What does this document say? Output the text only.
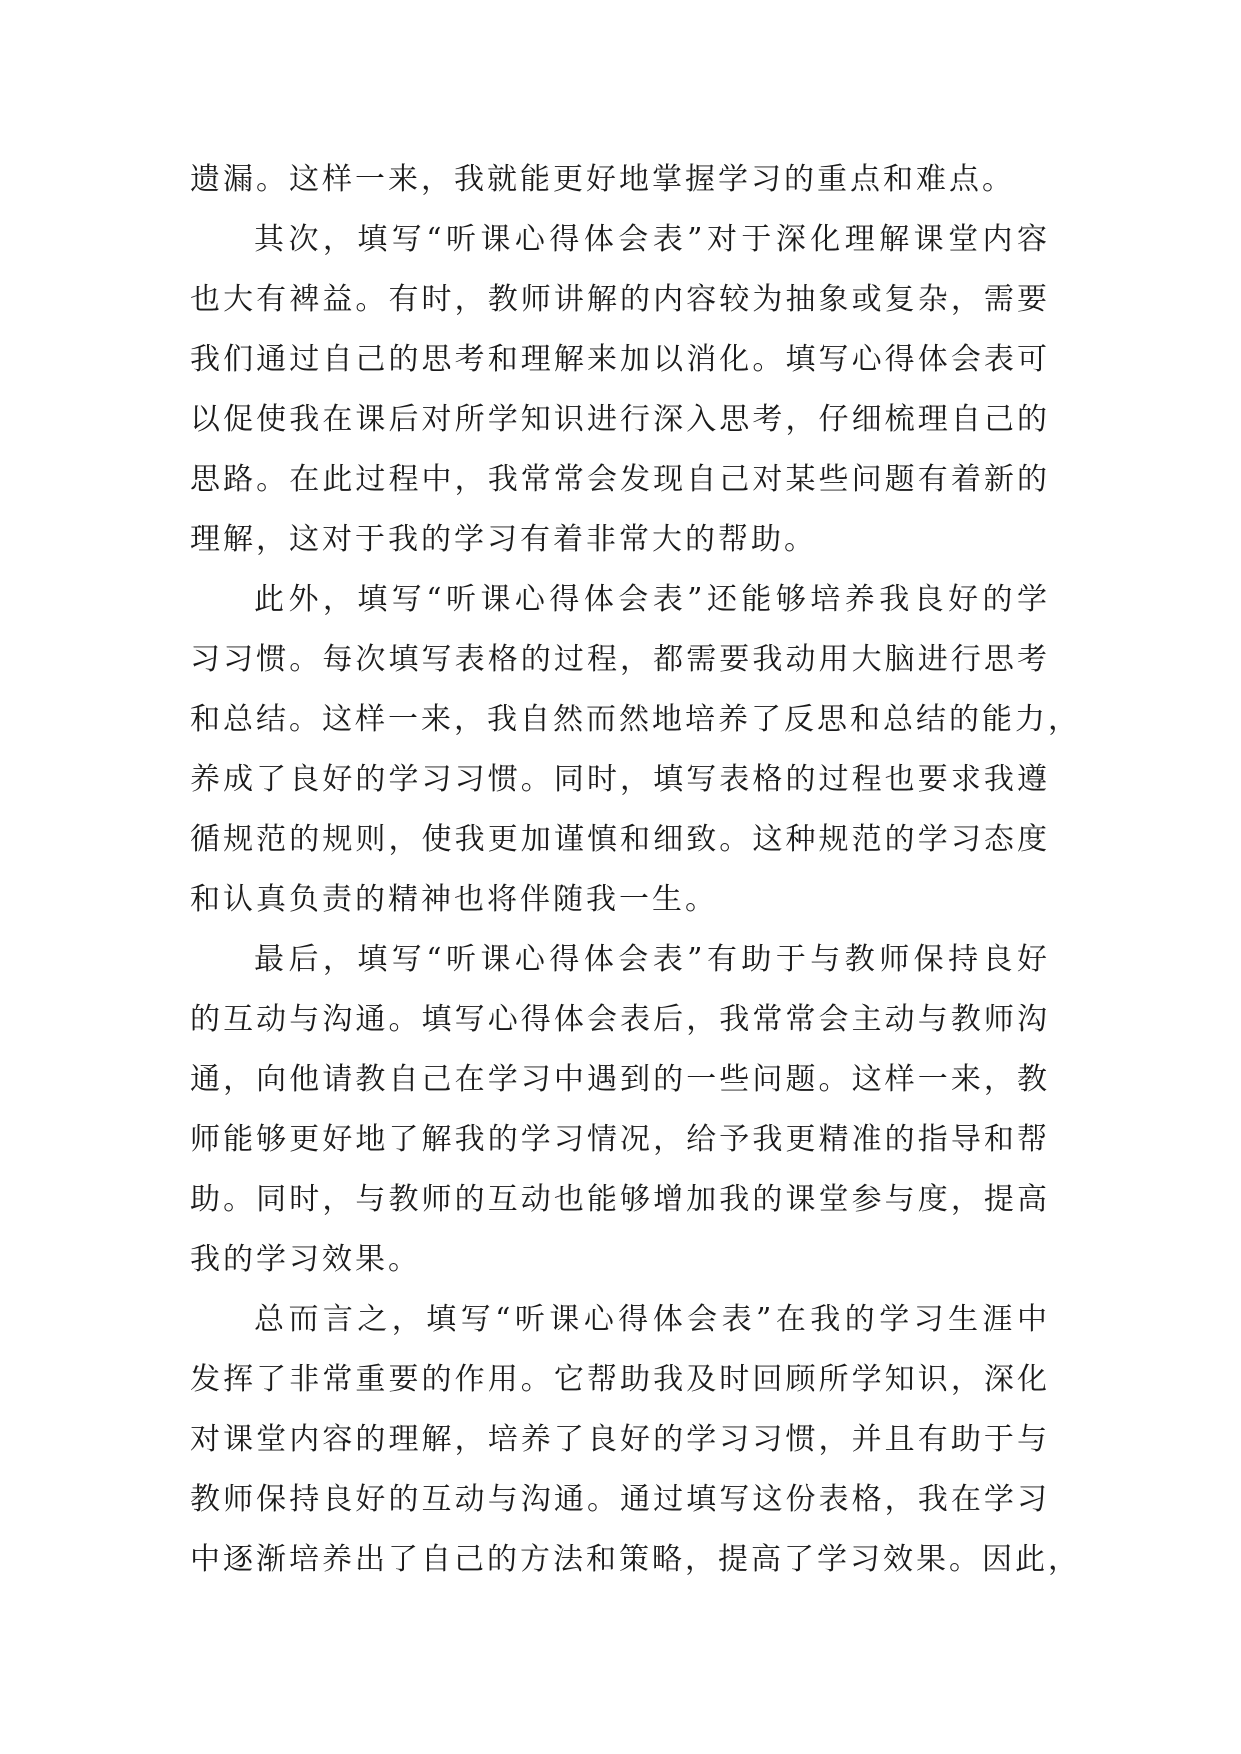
遗漏。这样一来，我就能更好地掌握学习的重点和难点。
其次，填写“听课心得体会表”对于深化理解课堂内容
也大有裨益。有时，教师讲解的内容较为抽象或复杂，需要
我们通过自己的思考和理解来加以消化。填写心得体会表可
以促使我在课后对所学知识进行深入思考，仔细梳理自己的
思路。在此过程中，我常常会发现自己对某些问题有着新的
理解，这对于我的学习有着非常大的帮助。
此外，填写“听课心得体会表”还能够培养我良好的学
习习惯。每次填写表格的过程，都需要我动用大脑进行思考
和总结。这样一来，我自然而然地培养了反思和总结的能力，
养成了良好的学习习惯。同时，填写表格的过程也要求我遵
循规范的规则，使我更加谨慎和细致。这种规范的学习态度
和认真负责的精神也将伴随我一生。
最后，填写“听课心得体会表”有助于与教师保持良好
的互动与沟通。填写心得体会表后，我常常会主动与教师沟
通，向他请教自己在学习中遇到的一些问题。这样一来，教
师能够更好地了解我的学习情况，给予我更精准的指导和帮
助。同时，与教师的互动也能够增加我的课堂参与度，提高
我的学习效果。
总而言之，填写“听课心得体会表”在我的学习生涯中
发挥了非常重要的作用。它帮助我及时回顾所学知识，深化
对课堂内容的理解，培养了良好的学习习惯，并且有助于与
教师保持良好的互动与沟通。通过填写这份表格，我在学习
中逐渐培养出了自己的方法和策略，提高了学习效果。因此，
